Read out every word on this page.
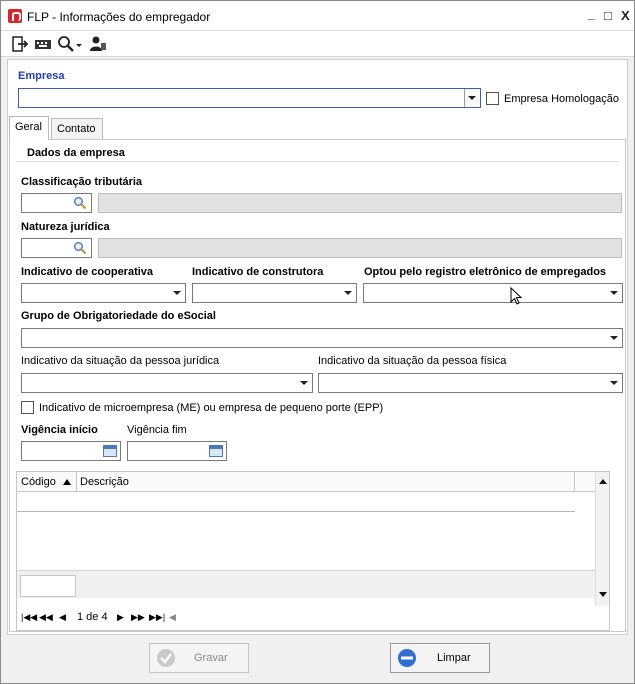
FLP - Informações do empregador	_ □ X
Empresa
Empresa Homologação
Geral	Contato
Dados da empresa
Classificação tributária
Natureza jurídica
Indicativo de cooperativa	Indicativo de construtora	Optou pelo registro eletrônico de empregados
Grupo de Obrigatoriedade do eSocial
Indicativo da situação da pessoa jurídica	Indicativo da situação da pessoa física
Indicativo de microempresa (ME) ou empresa de pequeno porte (EPP)
Vigência início	Vigência fim
Código Descrição
|◀◀ ◀◀ ◀ 1 de 4 ▶ ▶▶ ▶▶| ◀
Gravar	Limpar
